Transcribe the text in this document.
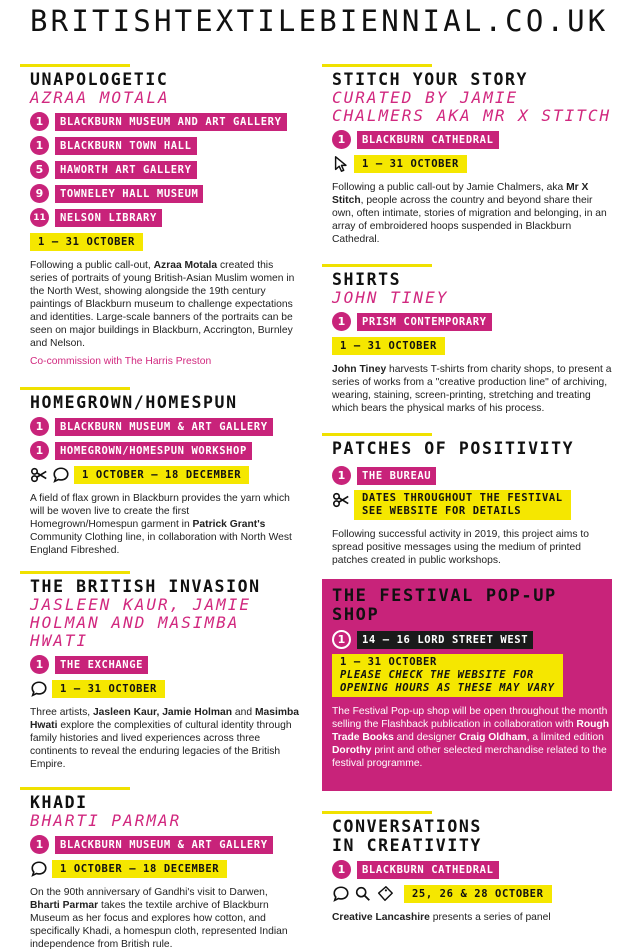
BRITISHTEXTILEBIENNIAL.CO.UK
UNAPOLOGETIC
AZRAA MOTALA
1	BLACKBURN MUSEUM AND ART GALLERY
1	BLACKBURN TOWN HALL
5	HAWORTH ART GALLERY
9	TOWNELEY HALL MUSEUM
11	NELSON LIBRARY
1 – 31 OCTOBER
Following a public call-out, Azraa Motala created this series of portraits of young British-Asian Muslim women in the North West, showing alongside the 19th century paintings of Blackburn museum to challenge expectations and identities. Large-scale banners of the portraits can be seen on major buildings in Blackburn, Accrington, Burnley and Nelson.
Co-commission with The Harris Preston
HOMEGROWN/HOMESPUN
1	BLACKBURN MUSEUM & ART GALLERY
1	HOMEGROWN/HOMESPUN WORKSHOP
1 OCTOBER – 18 DECEMBER
A field of flax grown in Blackburn provides the yarn which will be woven live to create the first Homegrown/Homespun garment in Patrick Grant's Community Clothing line, in collaboration with North West England Fibreshed.
THE BRITISH INVASION
JASLEEN KAUR, JAMIE HOLMAN AND MASIMBA HWATI
1	THE EXCHANGE
1 – 31 OCTOBER
Three artists, Jasleen Kaur, Jamie Holman and Masimba Hwati explore the complexities of cultural identity through family histories and lived experiences across three continents to reveal the enduring legacies of the British Empire.
KHADI
BHARTI PARMAR
1	BLACKBURN MUSEUM & ART GALLERY
1 OCTOBER – 18 DECEMBER
On the 90th anniversary of Gandhi's visit to Darwen, Bharti Parmar takes the textile archive of Blackburn Museum as her focus and explores how cotton, and specifically Khadi, a homespun cloth, represented Indian independence from British rule.
STITCH YOUR STORY
CURATED BY JAMIE CHALMERS AKA MR X STITCH
1	BLACKBURN CATHEDRAL
1 – 31 OCTOBER
Following a public call-out by Jamie Chalmers, aka Mr X Stitch, people across the country and beyond share their own, often intimate, stories of migration and belonging, in an array of embroidered hoops suspended in Blackburn Cathedral.
SHIRTS
JOHN TINEY
1	PRISM CONTEMPORARY
1 – 31 OCTOBER
John Tiney harvests T-shirts from charity shops, to present a series of works from a "creative production line" of archiving, wearing, staining, screen-printing, stretching and treating which bears the physical marks of his process.
PATCHES OF POSITIVITY
1	THE BUREAU
DATES THROUGHOUT THE FESTIVAL
SEE WEBSITE FOR DETAILS
Following successful activity in 2019, this project aims to spread positive messages using the medium of printed patches created in public workshops.
THE FESTIVAL POP-UP SHOP
1	14 – 16 LORD STREET WEST
1 – 31 OCTOBER
PLEASE CHECK THE WEBSITE FOR
OPENING HOURS AS THESE MAY VARY
The Festival Pop-up shop will be open throughout the month selling the Flashback publication in collaboration with Rough Trade Books and designer Craig Oldham, a limited edition Dorothy print and other selected merchandise related to the festival programme.
CONVERSATIONS IN CREATIVITY
1	BLACKBURN CATHEDRAL
25, 26 & 28 OCTOBER
Creative Lancashire presents a series of panel
